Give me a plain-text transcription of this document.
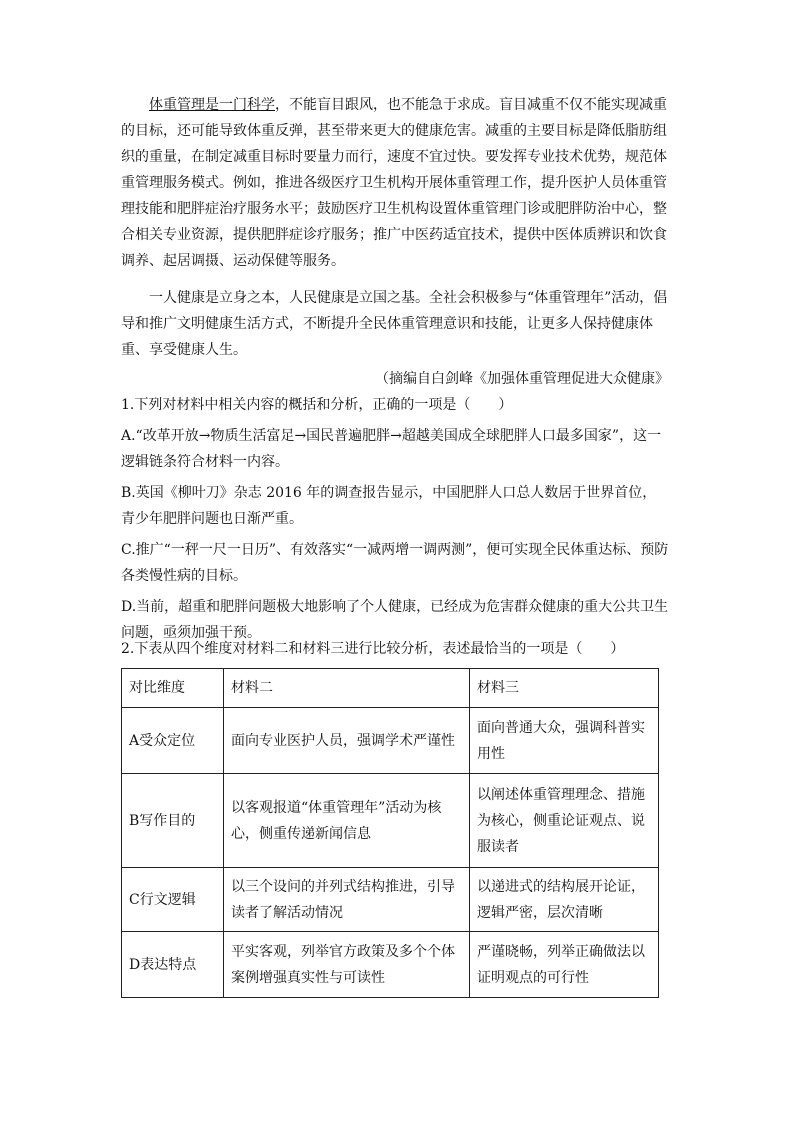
体重管理是一门科学，不能盲目跟风，也不能急于求成。盲目减重不仅不能实现减重的目标，还可能导致体重反弹，甚至带来更大的健康危害。减重的主要目标是降低脂肪组织的重量，在制定减重目标时要量力而行，速度不宜过快。要发挥专业技术优势，规范体重管理服务模式。例如，推进各级医疗卫生机构开展体重管理工作，提升医护人员体重管理技能和肥胖症治疗服务水平；鼓励医疗卫生机构设置体重管理门诊或肥胖防治中心，整合相关专业资源，提供肥胖症诊疗服务；推广中医药适宜技术，提供中医体质辨识和饮食调养、起居调摄、运动保健等服务。

一人健康是立身之本，人民健康是立国之基。全社会积极参与“体重管理年”活动，倡导和推广文明健康生活方式，不断提升全民体重管理意识和技能，让更多人保持健康体重、享受健康人生。

（摘编自白剑峰《加强体重管理促进大众健康》

1.下列对材料中相关内容的概括和分析，正确的一项是（　　）

A.“改革开放→物质生活富足→国民普遍肥胖→超越美国成全球肥胖人口最多国家”，这一逻辑链条符合材料一内容。

B.英国《柳叶刀》杂志 2016 年的调查报告显示，中国肥胖人口总人数居于世界首位，青少年肥胖问题也日渐严重。

C.推广“一秤一尺一日历”、有效落实“一减两增一调两测”，便可实现全民体重达标、预防各类慢性病的目标。

D.当前，超重和肥胖问题极大地影响了个人健康，已经成为危害群众健康的重大公共卫生问题，亟须加强干预。

2.下表从四个维度对材料二和材料三进行比较分析，表述最恰当的一项是（　　）

对比维度	材料二	材料三
A受众定位	面向专业医护人员，强调学术严谨性	面向普通大众，强调科普实用性
B写作目的	以客观报道“体重管理年”活动为核心，侧重传递新闻信息	以阐述体重管理理念、措施为核心，侧重论证观点、说服读者
C行文逻辑	以三个设问的并列式结构推进，引导读者了解活动情况	以递进式的结构展开论证，逻辑严密，层次清晰
D表达特点	平实客观，列举官方政策及多个个体案例增强真实性与可读性	严谨晓畅，列举正确做法以证明观点的可行性
